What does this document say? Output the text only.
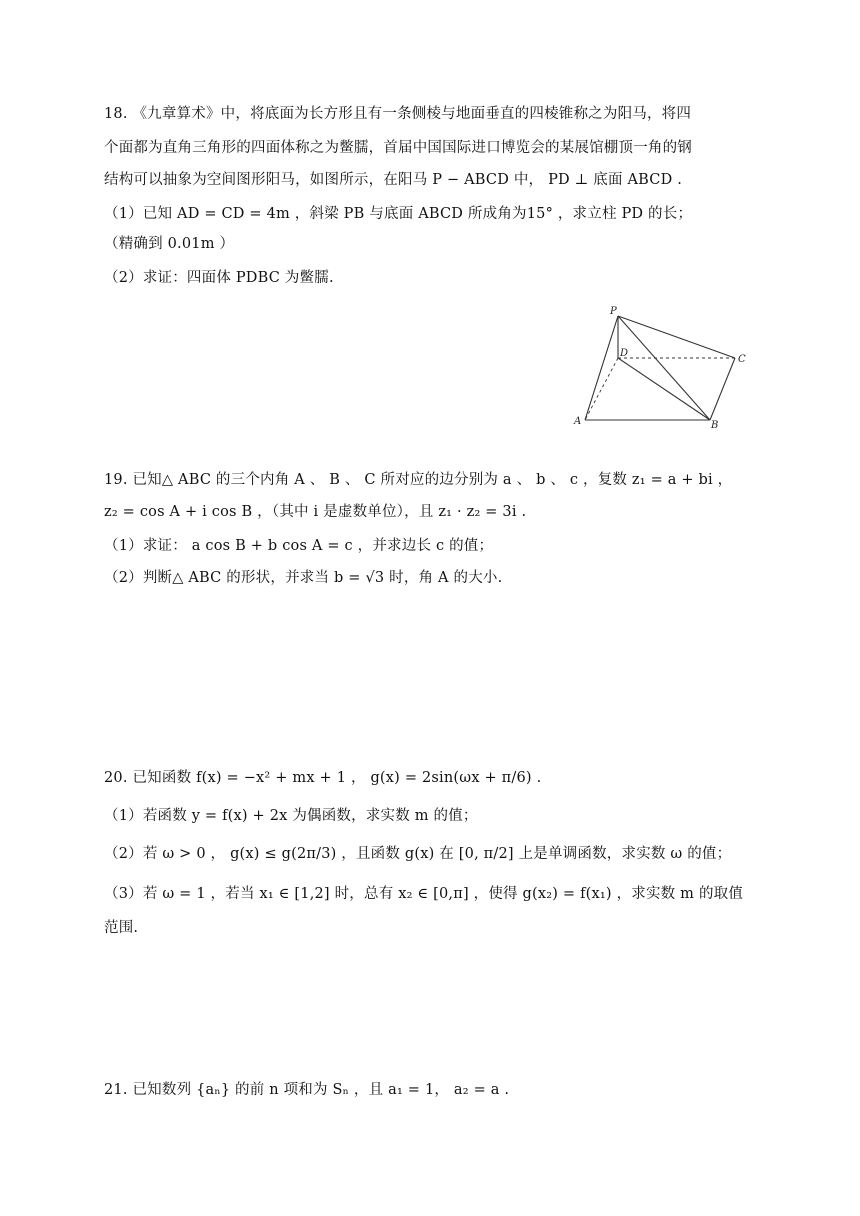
18. 《九章算术》中，将底面为长方形且有一条侧棱与地面垂直的四棱锥称之为阳马，将四
个面都为直角三角形的四面体称之为鳖臑，首届中国国际进口博览会的某展馆棚顶一角的钢
结构可以抽象为空间图形阳马，如图所示，在阳马 P − ABCD 中， PD ⊥ 底面 ABCD .
（1）已知 AD = CD = 4m ，斜梁 PB 与底面 ABCD 所成角为15° ，求立柱 PD 的长；
（精确到 0.01m ）
（2）求证：四面体 PDBC 为鳖臑.
P
D
C
A	B
19. 已知△ ABC 的三个内角 A 、 B 、 C 所对应的边分别为 a 、 b 、 c ，复数 z₁ = a + bi ，
z₂ = cos A + i cos B ，（其中 i 是虚数单位），且 z₁ · z₂ = 3i .
（1）求证： a cos B + b cos A = c ，并求边长 c 的值；
（2）判断△ ABC 的形状，并求当 b = √3 时，角 A 的大小.
20. 已知函数 f(x) = −x² + mx + 1 ， g(x) = 2sin(ωx + π/6) .
（1）若函数 y = f(x) + 2x 为偶函数，求实数 m 的值；
（2）若 ω > 0 ， g(x) ≤ g(2π/3) ，且函数 g(x) 在 [0, π/2] 上是单调函数，求实数 ω 的值；
（3）若 ω = 1 ，若当 x₁ ∈ [1,2] 时，总有 x₂ ∈ [0,π] ，使得 g(x₂) = f(x₁) ，求实数 m 的取值
范围.
21. 已知数列 {aₙ} 的前 n 项和为 Sₙ ，且 a₁ = 1， a₂ = a .
